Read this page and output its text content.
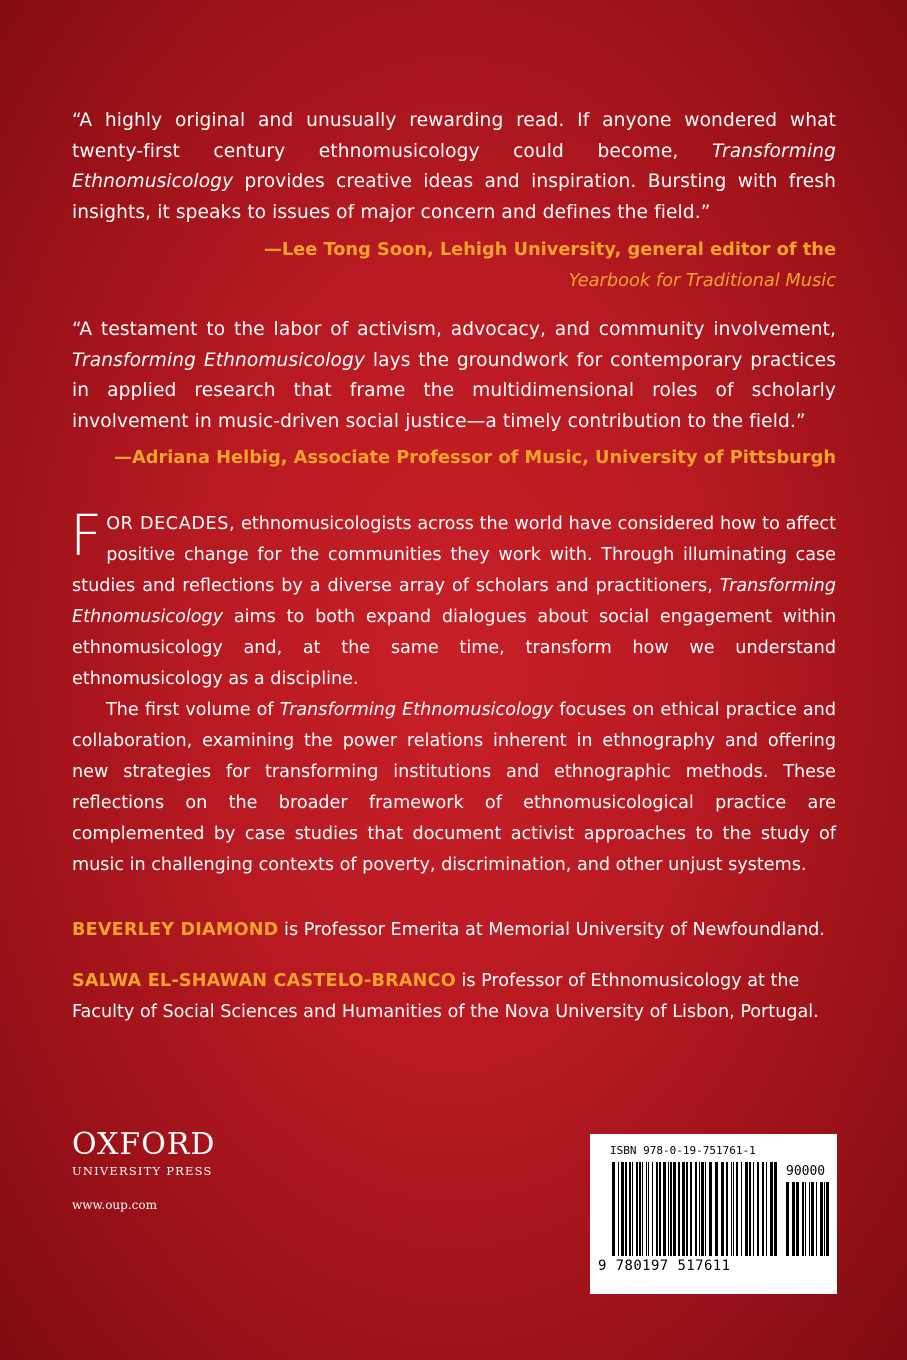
“A highly original and unusually rewarding read. If anyone wondered what twenty-first century ethnomusicology could become, Transforming Ethnomusicology provides creative ideas and inspiration. Bursting with fresh insights, it speaks to issues of major concern and defines the field.”
—Lee Tong Soon, Lehigh University, general editor of the
Yearbook for Traditional Music
“A testament to the labor of activism, advocacy, and community involvement, Transforming Ethnomusicology lays the groundwork for contemporary practices in applied research that frame the multidimensional roles of scholarly involvement in music-driven social justice—a timely contribution to the field.”
—Adriana Helbig, Associate Professor of Music, University of Pittsburgh

FOR DECADES, ethnomusicologists across the world have considered how to affect positive change for the communities they work with. Through illuminating case studies and reflections by a diverse array of scholars and practitioners, Transforming Ethnomusicology aims to both expand dialogues about social engagement within ethnomusicology and, at the same time, transform how we understand ethnomusicology as a discipline.

The first volume of Transforming Ethnomusicology focuses on ethical practice and collaboration, examining the power relations inherent in ethnography and offering new strategies for transforming institutions and ethnographic methods. These reflections on the broader framework of ethnomusicological practice are complemented by case studies that document activist approaches to the study of music in challenging contexts of poverty, discrimination, and other unjust systems.

BEVERLEY DIAMOND is Professor Emerita at Memorial University of Newfoundland.
SALWA EL-SHAWAN CASTELO-BRANCO is Professor of Ethnomusicology at the Faculty of Social Sciences and Humanities of the Nova University of Lisbon, Portugal.
OXFORD
UNIVERSITY PRESS
www.oup.com
ISBN 978-0-19-751761-1
90000
9 780197 517611
